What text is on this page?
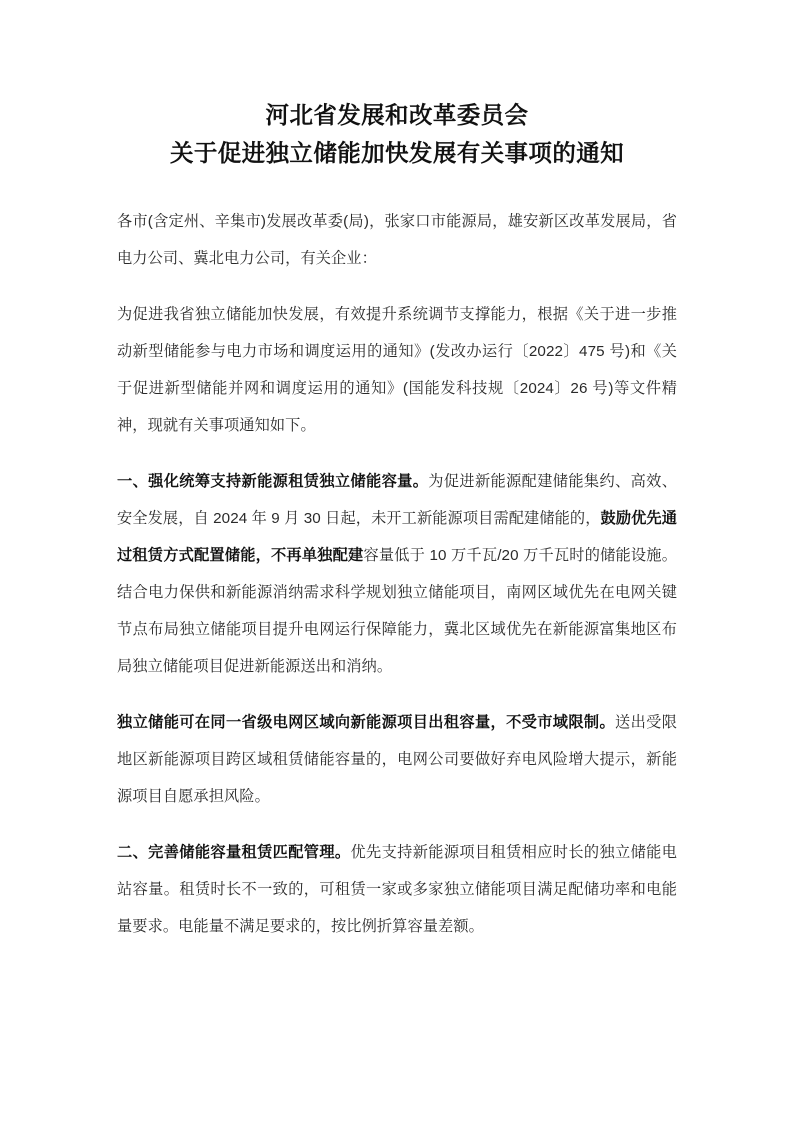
河北省发展和改革委员会
关于促进独立储能加快发展有关事项的通知

各市(含定州、辛集市)发展改革委(局)，张家口市能源局，雄安新区改革发展局，省电力公司、冀北电力公司，有关企业：

为促进我省独立储能加快发展，有效提升系统调节支撑能力，根据《关于进一步推动新型储能参与电力市场和调度运用的通知》(发改办运行〔2022〕475 号)和《关于促进新型储能并网和调度运用的通知》(国能发科技规〔2024〕26 号)等文件精神，现就有关事项通知如下。

一、强化统筹支持新能源租赁独立储能容量。为促进新能源配建储能集约、高效、安全发展，自 2024 年 9 月 30 日起，未开工新能源项目需配建储能的，鼓励优先通过租赁方式配置储能，不再单独配建容量低于 10 万千瓦/20 万千瓦时的储能设施。结合电力保供和新能源消纳需求科学规划独立储能项目，南网区域优先在电网关键节点布局独立储能项目提升电网运行保障能力，冀北区域优先在新能源富集地区布局独立储能项目促进新能源送出和消纳。

独立储能可在同一省级电网区域向新能源项目出租容量，不受市域限制。送出受限地区新能源项目跨区域租赁储能容量的，电网公司要做好弃电风险增大提示，新能源项目自愿承担风险。

二、完善储能容量租赁匹配管理。优先支持新能源项目租赁相应时长的独立储能电站容量。租赁时长不一致的，可租赁一家或多家独立储能项目满足配储功率和电能量要求。电能量不满足要求的，按比例折算容量差额。
